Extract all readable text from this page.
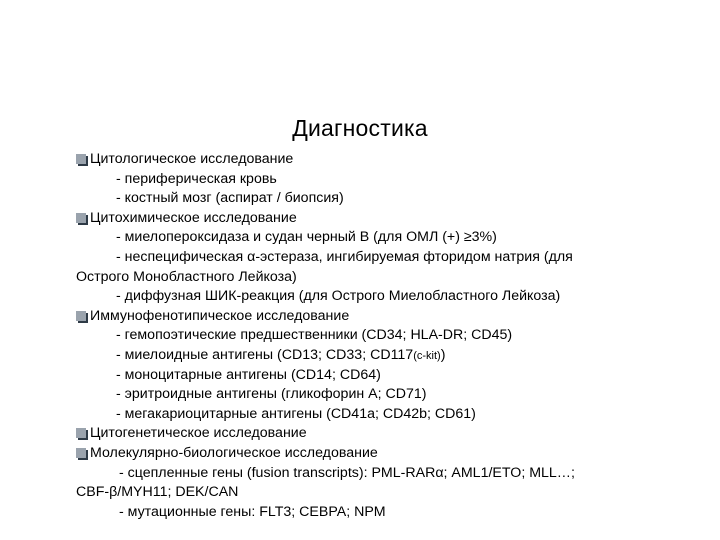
Диагностика
Цитологическое исследование
- периферическая кровь
- костный мозг (аспират / биопсия)
Цитохимическое исследование
- миелопероксидаза и судан черный B (для ОМЛ (+) ≥3%)
- неспецифическая α-эстераза, ингибируемая фторидом натрия (для
Острого Монобластного Лейкоза)
- диффузная ШИК-реакция (для Острого Миелобластного Лейкоза)
Иммунофенотипическое исследование
- гемопоэтические предшественники (CD34; HLA-DR; CD45)
- миелоидные антигены (CD13; CD33; CD117(c-kit))
- моноцитарные антигены (CD14; CD64)
- эритроидные антигены (гликофорин А; CD71)
- мегакариоцитарные антигены (CD41a; CD42b; CD61)
Цитогенетическое исследование
Молекулярно-биологическое исследование
- сцепленные гены (fusion transcripts): PML-RARα; AML1/ETO; MLL…;
CBF-β/MYH11; DEK/CAN
- мутационные гены: FLT3; CEBPA; NPM
